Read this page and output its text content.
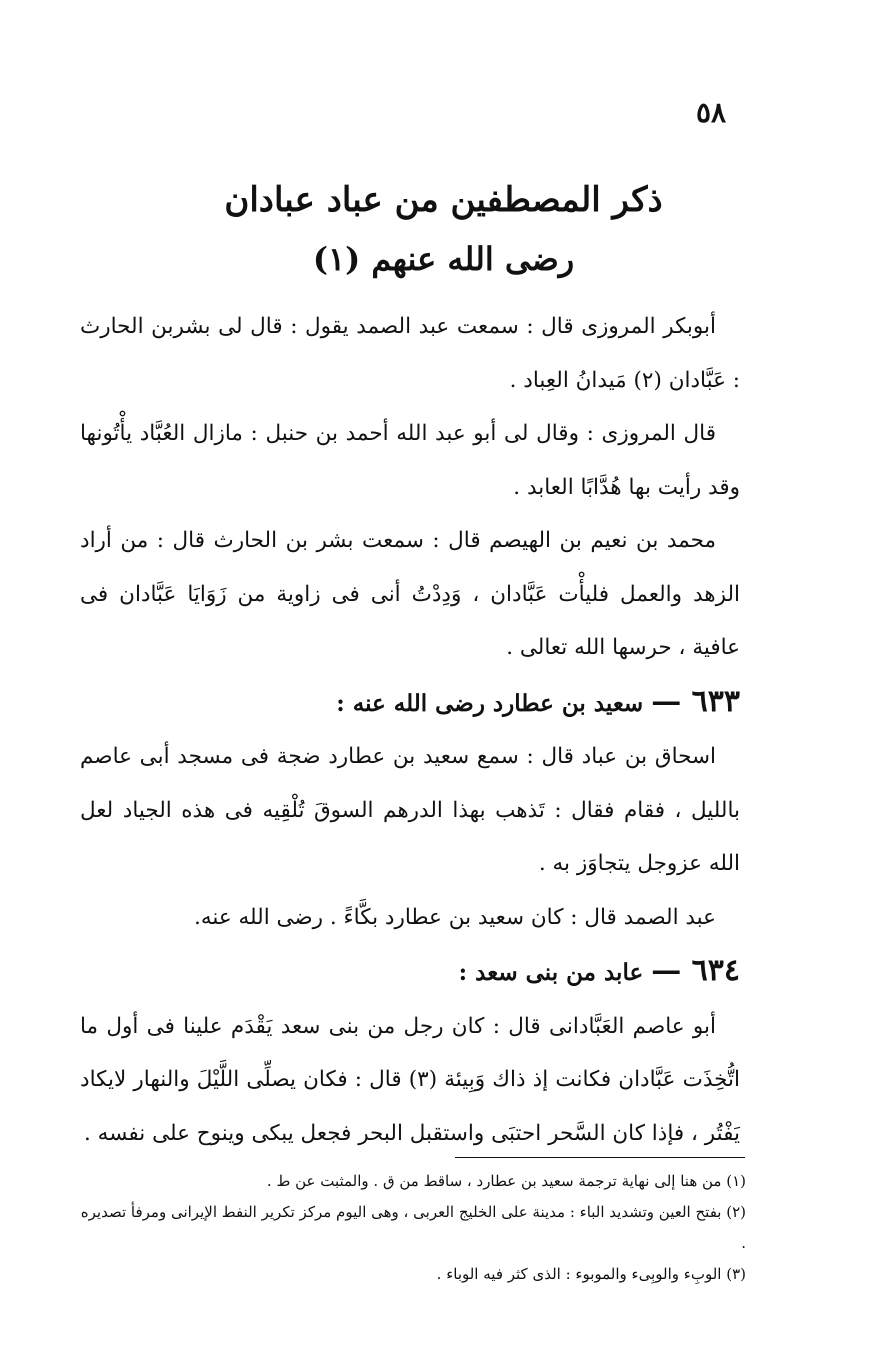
٥٨
ذكر المصطفين من عباد عبادان
رضى الله عنهم (١)

أبوبكر المروزى قال : سمعت عبد الصمد يقول : قال لى بشربن الحارث : عَبَّادان (٢) مَيدانُ العِباد .

قال المروزى : وقال لى أبو عبد الله أحمد بن حنبل : مازال العُبَّاد يأْتُونها وقد رأيت بها هُدَّابًا العابد .

محمد بن نعيم بن الهيصم قال : سمعت بشر بن الحارث قال : من أراد الزهد والعمل فليأْت عَبَّادان ، وَدِدْتُ أنى فى زاوية من زَوَايَا عَبَّادان فى عافية ، حرسها الله تعالى .

٦٣٣ — سعيد بن عطارد رضى الله عنه :

اسحاق بن عباد قال : سمع سعيد بن عطارد ضجة فى مسجد أبى عاصم بالليل ، فقام فقال : تَذهب بهذا الدرهم السوقَ تُلْقِيه فى هذه الجياد لعل الله عزوجل يتجاوَز به .

عبد الصمد قال : كان سعيد بن عطارد بكَّاءً . رضى الله عنه.

٦٣٤ — عابد من بنى سعد :

أبو عاصم العَبَّادانى قال : كان رجل من بنى سعد يَقْدَم علينا فى أول ما اتُّخِذَت عَبَّادان فكانت إذ ذاك وَبِيئة (٣) قال : فكان يصلِّى اللَّيْلَ والنهار لايكاد يَفْتُر ، فإذا كان السَّحر احتبَى واستقبل البحر فجعل يبكى وينوح على نفسه .

(١) من هنا إلى نهاية ترجمة سعيد بن عطارد ، ساقط من ق . والمثبت عن ط .

(٢) بفتح العين وتشديد الباء : مدينة على الخليج العربى ، وهى اليوم مركز تكرير النفط الإيرانى ومرفأ تصديره .

(٣) الوبِء والوبِىء والموبوء : الذى كثر فيه الوباء .
